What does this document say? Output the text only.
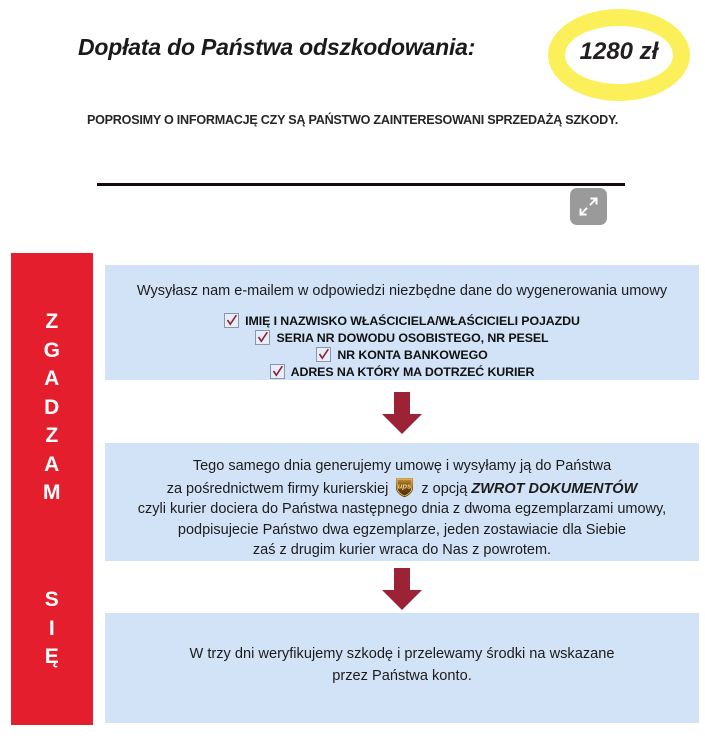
Dopłata do Państwa odszkodowania:	1280 zł
POPROSIMY O INFORMACJĘ CZY SĄ PAŃSTWO ZAINTERESOWANI SPRZEDAŻĄ SZKODY.
Z
G
A
D
Z
A
M
S
I
Ę
Wysyłasz nam e-mailem w odpowiedzi niezbędne dane do wygenerowania umowy
IMIĘ I NAZWISKO WŁAŚCICIELA/WŁAŚCICIELI POJAZDU
SERIA NR DOWODU OSOBISTEGO, NR PESEL
NR KONTA BANKOWEGO
ADRES NA KTÓRY MA DOTRZEĆ KURIER
Tego samego dnia generujemy umowę i wysyłamy ją do Państwa
za pośrednictwem firmy kurierskiej ups z opcją ZWROT DOKUMENTÓW
czyli kurier dociera do Państwa następnego dnia z dwoma egzemplarzami umowy,
podpisujecie Państwo dwa egzemplarze, jeden zostawiacie dla Siebie
zaś z drugim kurier wraca do Nas z powrotem.
W trzy dni weryfikujemy szkodę i przelewamy środki na wskazane
przez Państwa konto.
